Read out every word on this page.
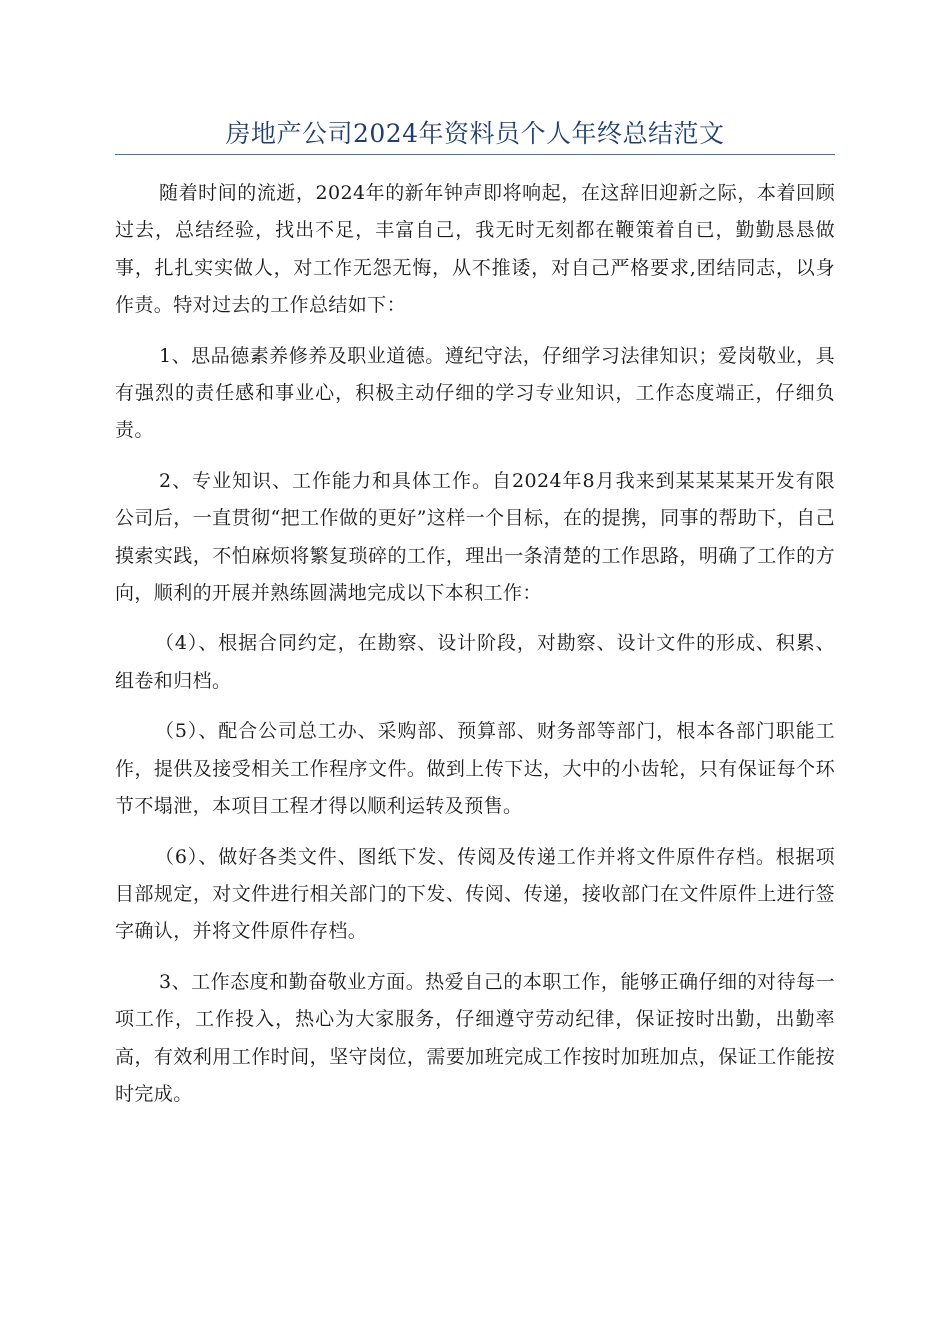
房地产公司2024年资料员个人年终总结范文

随着时间的流逝，2024年的新年钟声即将响起，在这辞旧迎新之际，本着回顾过去，总结经验，找出不足，丰富自己，我无时无刻都在鞭策着自已，勤勤恳恳做事，扎扎实实做人，对工作无怨无悔，从不推诿，对自己严格要求,团结同志，以身作责。特对过去的工作总结如下：

1、思品德素养修养及职业道德。遵纪守法，仔细学习法律知识；爱岗敬业，具有强烈的责任感和事业心，积极主动仔细的学习专业知识，工作态度端正，仔细负责。

2、专业知识、工作能力和具体工作。自2024年8月我来到某某某某开发有限公司后，一直贯彻“把工作做的更好”这样一个目标，在的提携，同事的帮助下，自己摸索实践，不怕麻烦将繁复琐碎的工作，理出一条清楚的工作思路，明确了工作的方向，顺利的开展并熟练圆满地完成以下本积工作：

（4）、根据合同约定，在勘察、设计阶段，对勘察、设计文件的形成、积累、组卷和归档。

（5）、配合公司总工办、采购部、预算部、财务部等部门，根本各部门职能工作，提供及接受相关工作程序文件。做到上传下达，大中的小齿轮，只有保证每个环节不塌泄，本项目工程才得以顺利运转及预售。

（6）、做好各类文件、图纸下发、传阅及传递工作并将文件原件存档。根据项目部规定，对文件进行相关部门的下发、传阅、传递，接收部门在文件原件上进行签字确认，并将文件原件存档。

3、工作态度和勤奋敬业方面。热爱自己的本职工作，能够正确仔细的对待每一项工作，工作投入，热心为大家服务，仔细遵守劳动纪律，保证按时出勤，出勤率高，有效利用工作时间，坚守岗位，需要加班完成工作按时加班加点，保证工作能按时完成。
